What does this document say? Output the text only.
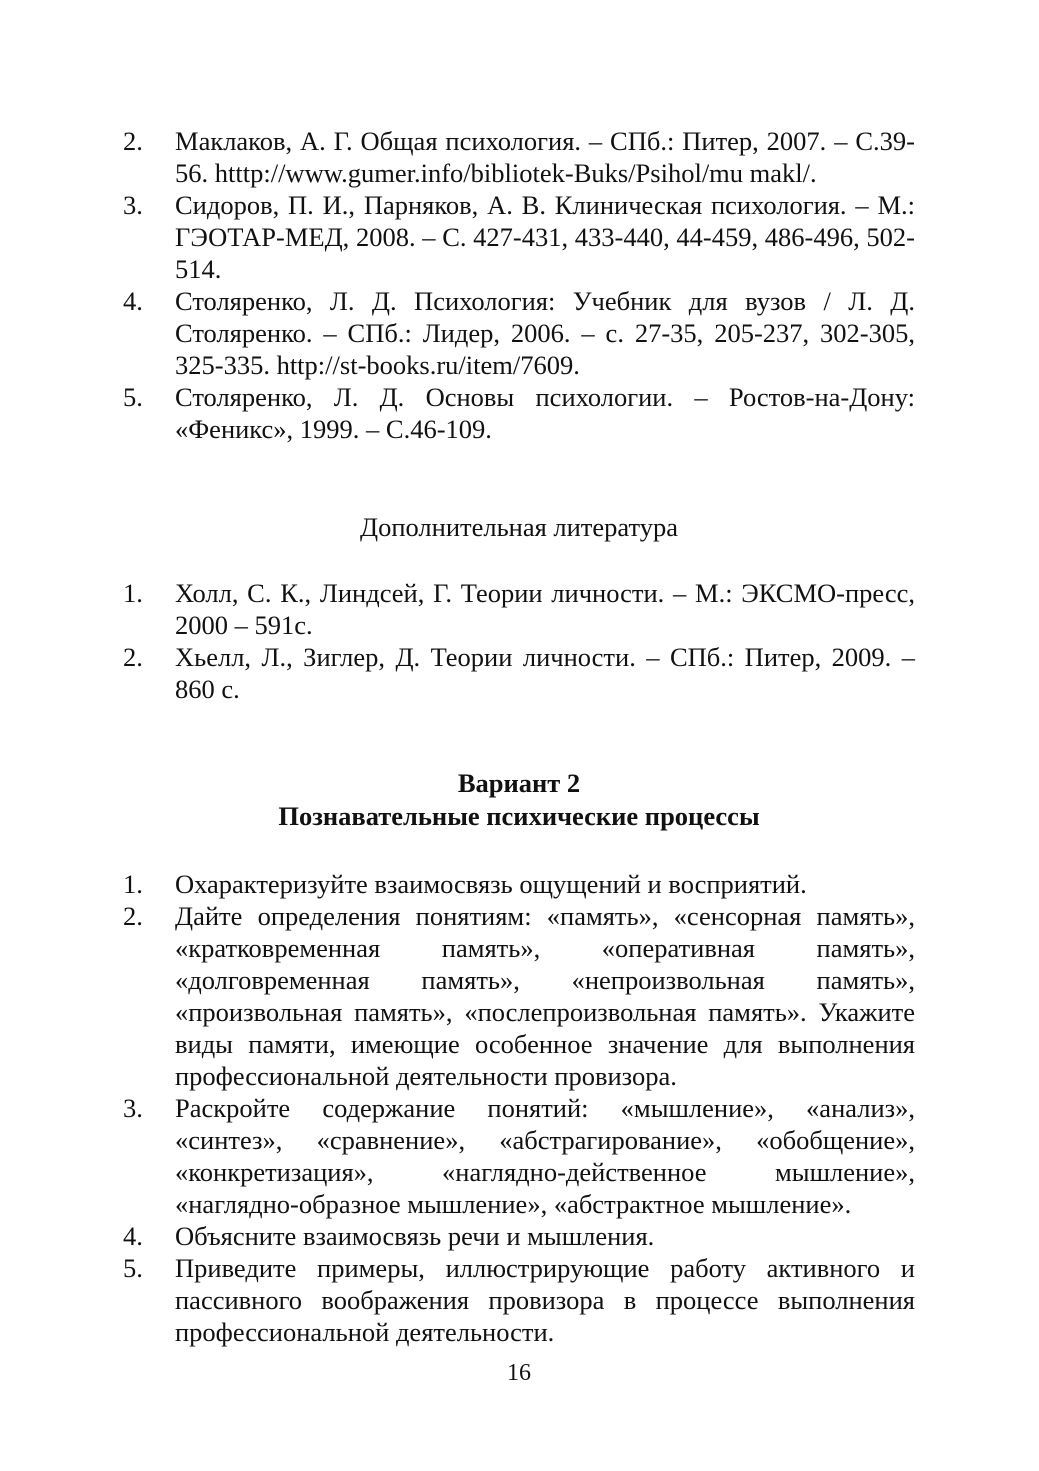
2. Маклаков, А. Г. Общая психология. – СПб.: Питер, 2007. – С.39-56. htttp://www.gumer.info/bibliotek-Buks/Psihol/mu makl/.
3. Сидоров, П. И., Парняков, А. В. Клиническая психология. – М.: ГЭОТАР-МЕД, 2008. – С. 427-431, 433-440, 44-459, 486-496, 502-514.
4. Столяренко, Л. Д. Психология: Учебник для вузов / Л. Д. Столяренко. – СПб.: Лидер, 2006. – с. 27-35, 205-237, 302-305, 325-335. http://st-books.ru/item/7609.
5. Столяренко, Л. Д. Основы психологии. – Ростов-на-Дону: «Феникс», 1999. – С.46-109.
Дополнительная литература
1. Холл, С. К., Линдсей, Г. Теории личности. – М.: ЭКСМО-пресс, 2000 – 591с.
2. Хьелл, Л., Зиглер, Д. Теории личности. – СПб.: Питер, 2009. – 860 с.
Вариант 2
Познавательные психические процессы
1. Охарактеризуйте взаимосвязь ощущений и восприятий.
2. Дайте определения понятиям: «память», «сенсорная память», «кратковременная память», «оперативная память», «долговременная память», «непроизвольная память», «произвольная память», «послепроизвольная память». Укажите виды памяти, имеющие особенное значение для выполнения профессиональной деятельности провизора.
3. Раскройте содержание понятий: «мышление», «анализ», «синтез», «сравнение», «абстрагирование», «обобщение», «конкретизация», «наглядно-действенное мышление», «наглядно-образное мышление», «абстрактное мышление».
4. Объясните взаимосвязь речи и мышления.
5. Приведите примеры, иллюстрирующие работу активного и пассивного воображения провизора в процессе выполнения профессиональной деятельности.
16
